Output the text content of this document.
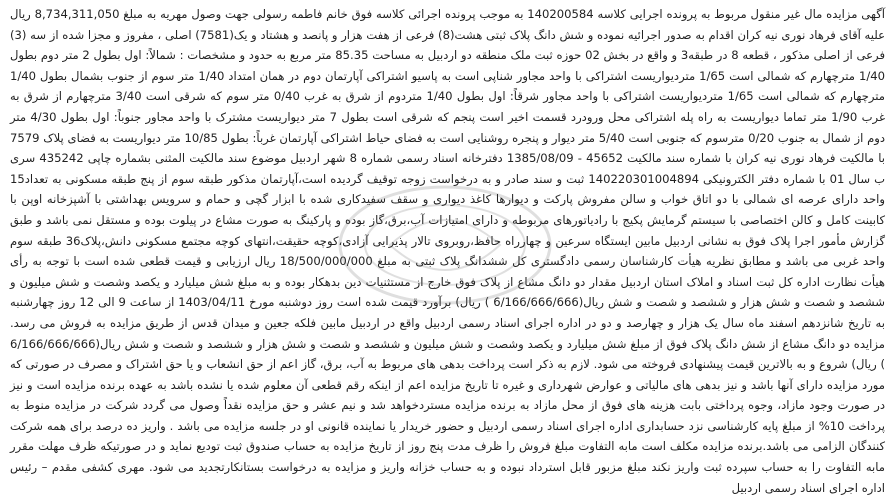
آگهی مزایده مال غیر منقول مربوط به پرونده اجرایی کلاسه 140200584 به موجب پرونده اجرائی کلاسه فوق خانم فاطمه رسولی جهت وصول مهریه به مبلغ 8,734,311,050 ریال علیه آقای فرهاد نوری نیه کران اقدام به صدور اجرائیه نموده و شش دانگ پلاک ثبتی هشت(8) فرعی از هفت هزار و پانصد و هشتاد و یک(7581) اصلی ، مفروز و مجزا شده از سه (3) فرعی از اصلی مذکور ، قطعه 8 در طبقه3 و واقع در بخش 02 حوزه ثبت ملک منطقه دو اردبیل به مساحت 85.35 متر مربع به حدود و مشخصات : شمالاً: اول بطول 2 متر دوم بطول 1/40 مترچهارم که شمالی است 1/65 متردیواریست اشتراکی با واحد مجاور شناپی است به پاسیو اشتراکی آپارتمان دوم در همان امتداد 1/40 متر سوم از جنوب بشمال بطول 1/40 مترچهارم که شمالی است 1/65 متردیواریست اشتراکی با واحد مجاور شرقاً: اول بطول 1/40 متردوم از شرق به غرب 0/40 متر سوم که شرقی است 3/40 مترچهارم از شرق به غرب 1/90 متر تماما دیواریست به راه پله اشتراکی محل ورودرد قسمت اخیر است پنجم که شرقی است بطول 7 متر دیواریست مشترک با واحد مجاور جنوباً: اول بطول 4/30 متر دوم از شمال به جنوب 0/20 مترسوم که جنوبی است 5/40 متر دیوار و پنجره روشنایی است به فضای حیاط اشتراکی آپارتمان غرباً: بطول 10/85 متر دیواریست به فضای پلاک 7579 با مالکیت فرهاد نوری نیه کران با شماره سند مالکیت 45652 - 1385/08/09 دفترخانه اسناد رسمی شماره 8 شهر اردبیل موضوع سند مالکیت المثنی بشماره چاپی 435242 سری ب سال 01 با شماره دفتر الکترونیکی 140220301004894 ثبت و سند صادر و به درخواست زوجه توقیف گردیده است،آپارتمان مذکور طبقه سوم از پنج طبقه مسکونی به تعداد15 واحد دارای عرصه ای شمالی با دو اتاق خواب و سالن مفروش پارکت و دیوارها کاغذ دیواری و سقف سفیدکاری شده با ابزار گچی و حمام و سرویس بهداشتی با آشپزخانه اوپن با کابینت کامل و کالن اختصاصی با سیستم گرمایش پکیج با رادیاتورهای مربوطه و دارای امتیازات آب،برق،گاز بوده و پارکینگ به صورت مشاع در پیلوت بوده و مستقل نمی باشد و طبق گزارش مأمور اجرا پلاک فوق به نشانی اردبیل مابین ایستگاه سرعین و چهارراه حافظ،روبروی تالار پذیرایی آزادی،کوچه حقیقت،انتهای کوچه مجتمع مسکونی دانش،پلاک36 طبقه سوم واحد غربی می باشد و مطابق نظریه هیأت کارشناسان رسمی دادگستری کل ششدانگ پلاک ثبتی به مبلغ 18/500/000/000 ریال ارزیابی و قیمت قطعی شده است با توجه به رأی هیأت نظارت اداره کل ثبت اسناد و املاک استان اردبیل مقدار دو دانگ مشاع از پلاک فوق خارج از مستثنیات دین بدهکار بوده و به مبلغ شش میلیارد و یکصد وشصت و شش میلیون و ششصد و شصت و شش هزار و ششصد و شصت و شش ریال(6/166/666/666 ) ریال) برآورد قیمت شده است روز دوشنبه مورخ 1403/04/11 از ساعت 9 الی 12 روز چهارشنبه به تاریخ شانزدهم اسفند ماه سال یک هزار و چهارصد و دو در اداره اجرای اسناد رسمی اردبیل واقع در اردبیل مابین فلکه جعین و میدان قدس از طریق مزایده به فروش می رسد. مزایده دو دانگ مشاع از شش دانگ پلاک فوق از مبلغ شش میلیارد و یکصد وشصت و شش میلیون و ششصد و شصت و شش هزار و ششصد و شصت و شش ریال(6/166/666/666 ) ریال) شروع و به بالاترین قیمت پیشنهادی فروخته می شود. لازم به ذکر است پرداخت بدهی های مربوط به آب، برق، گاز اعم از حق انشعاب و یا حق اشتراک و مصرف در صورتی که مورد مزایده دارای آنها باشد و نیز بدهی های مالیاتی و عوارض شهرداری و غیره تا تاریخ مزایده اعم از اینکه رقم قطعی آن معلوم شده یا نشده باشد به عهده برنده مزایده است و نیز در صورت وجود مازاد، وجوه پرداختی بابت هزینه های فوق از محل مازاد به برنده مزایده مستردخواهد شد و نیم عشر و حق مزایده نقداً وصول می گردد شرکت در مزایده منوط به پرداخت 10% از مبلغ پایه کارشناسی نزد حسابداری اداره اجرای اسناد رسمی اردبیل و حضور خریدار یا نماینده قانونی او در جلسه مزایده می باشد . واریز ده درصد برای همه شرکت کنندگان الزامی می باشد.برنده مزایده مکلف است مابه التفاوت مبلغ فروش را ظرف مدت پنج روز از تاریخ مزایده به حساب صندوق ثبت تودیع نماید و در صورتیکه ظرف مهلت مقرر مابه التفاوت را به حساب سپرده ثبت واریز نکند مبلغ مزبور قابل استرداد نبوده و به حساب خزانه واریز و مزایده به درخواست بستانکارتجدید می شود. مهری کشفی مقدم – رئیس اداره اجرای اسناد رسمی اردبیل
